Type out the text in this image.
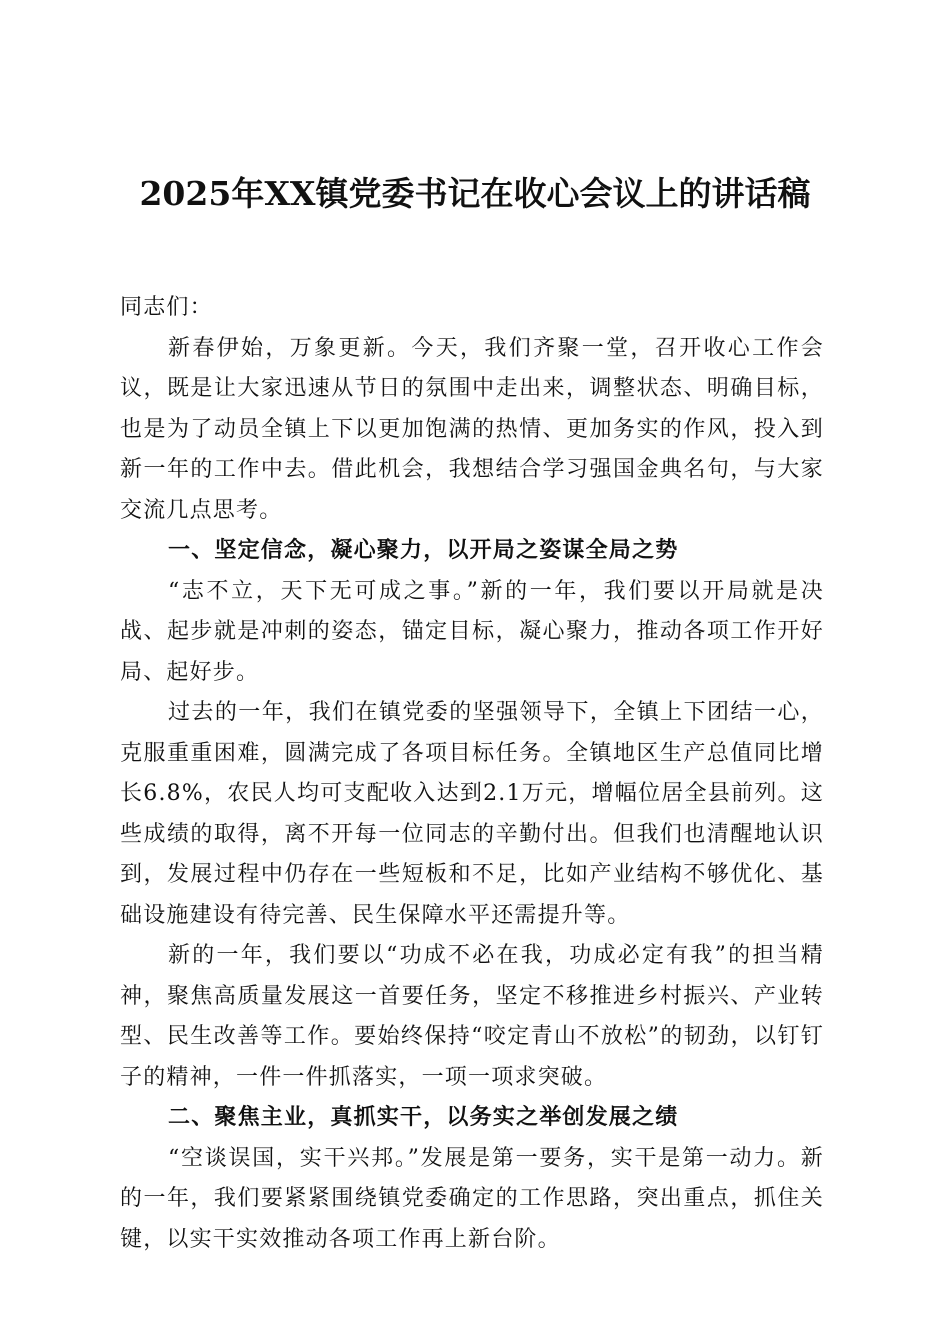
2025年XX镇党委书记在收心会议上的讲话稿

同志们：

新春伊始，万象更新。今天，我们齐聚一堂，召开收心工作会议，既是让大家迅速从节日的氛围中走出来，调整状态、明确目标，也是为了动员全镇上下以更加饱满的热情、更加务实的作风，投入到新一年的工作中去。借此机会，我想结合学习强国金典名句，与大家交流几点思考。

一、坚定信念，凝心聚力，以开局之姿谋全局之势

“志不立，天下无可成之事。”新的一年，我们要以开局就是决战、起步就是冲刺的姿态，锚定目标，凝心聚力，推动各项工作开好局、起好步。

过去的一年，我们在镇党委的坚强领导下，全镇上下团结一心，克服重重困难，圆满完成了各项目标任务。全镇地区生产总值同比增长6.8%，农民人均可支配收入达到2.1万元，增幅位居全县前列。这些成绩的取得，离不开每一位同志的辛勤付出。但我们也清醒地认识到，发展过程中仍存在一些短板和不足，比如产业结构不够优化、基础设施建设有待完善、民生保障水平还需提升等。

新的一年，我们要以“功成不必在我，功成必定有我”的担当精神，聚焦高质量发展这一首要任务，坚定不移推进乡村振兴、产业转型、民生改善等工作。要始终保持“咬定青山不放松”的韧劲，以钉钉子的精神，一件一件抓落实，一项一项求突破。

二、聚焦主业，真抓实干，以务实之举创发展之绩

“空谈误国，实干兴邦。”发展是第一要务，实干是第一动力。新的一年，我们要紧紧围绕镇党委确定的工作思路，突出重点，抓住关键，以实干实效推动各项工作再上新台阶。
